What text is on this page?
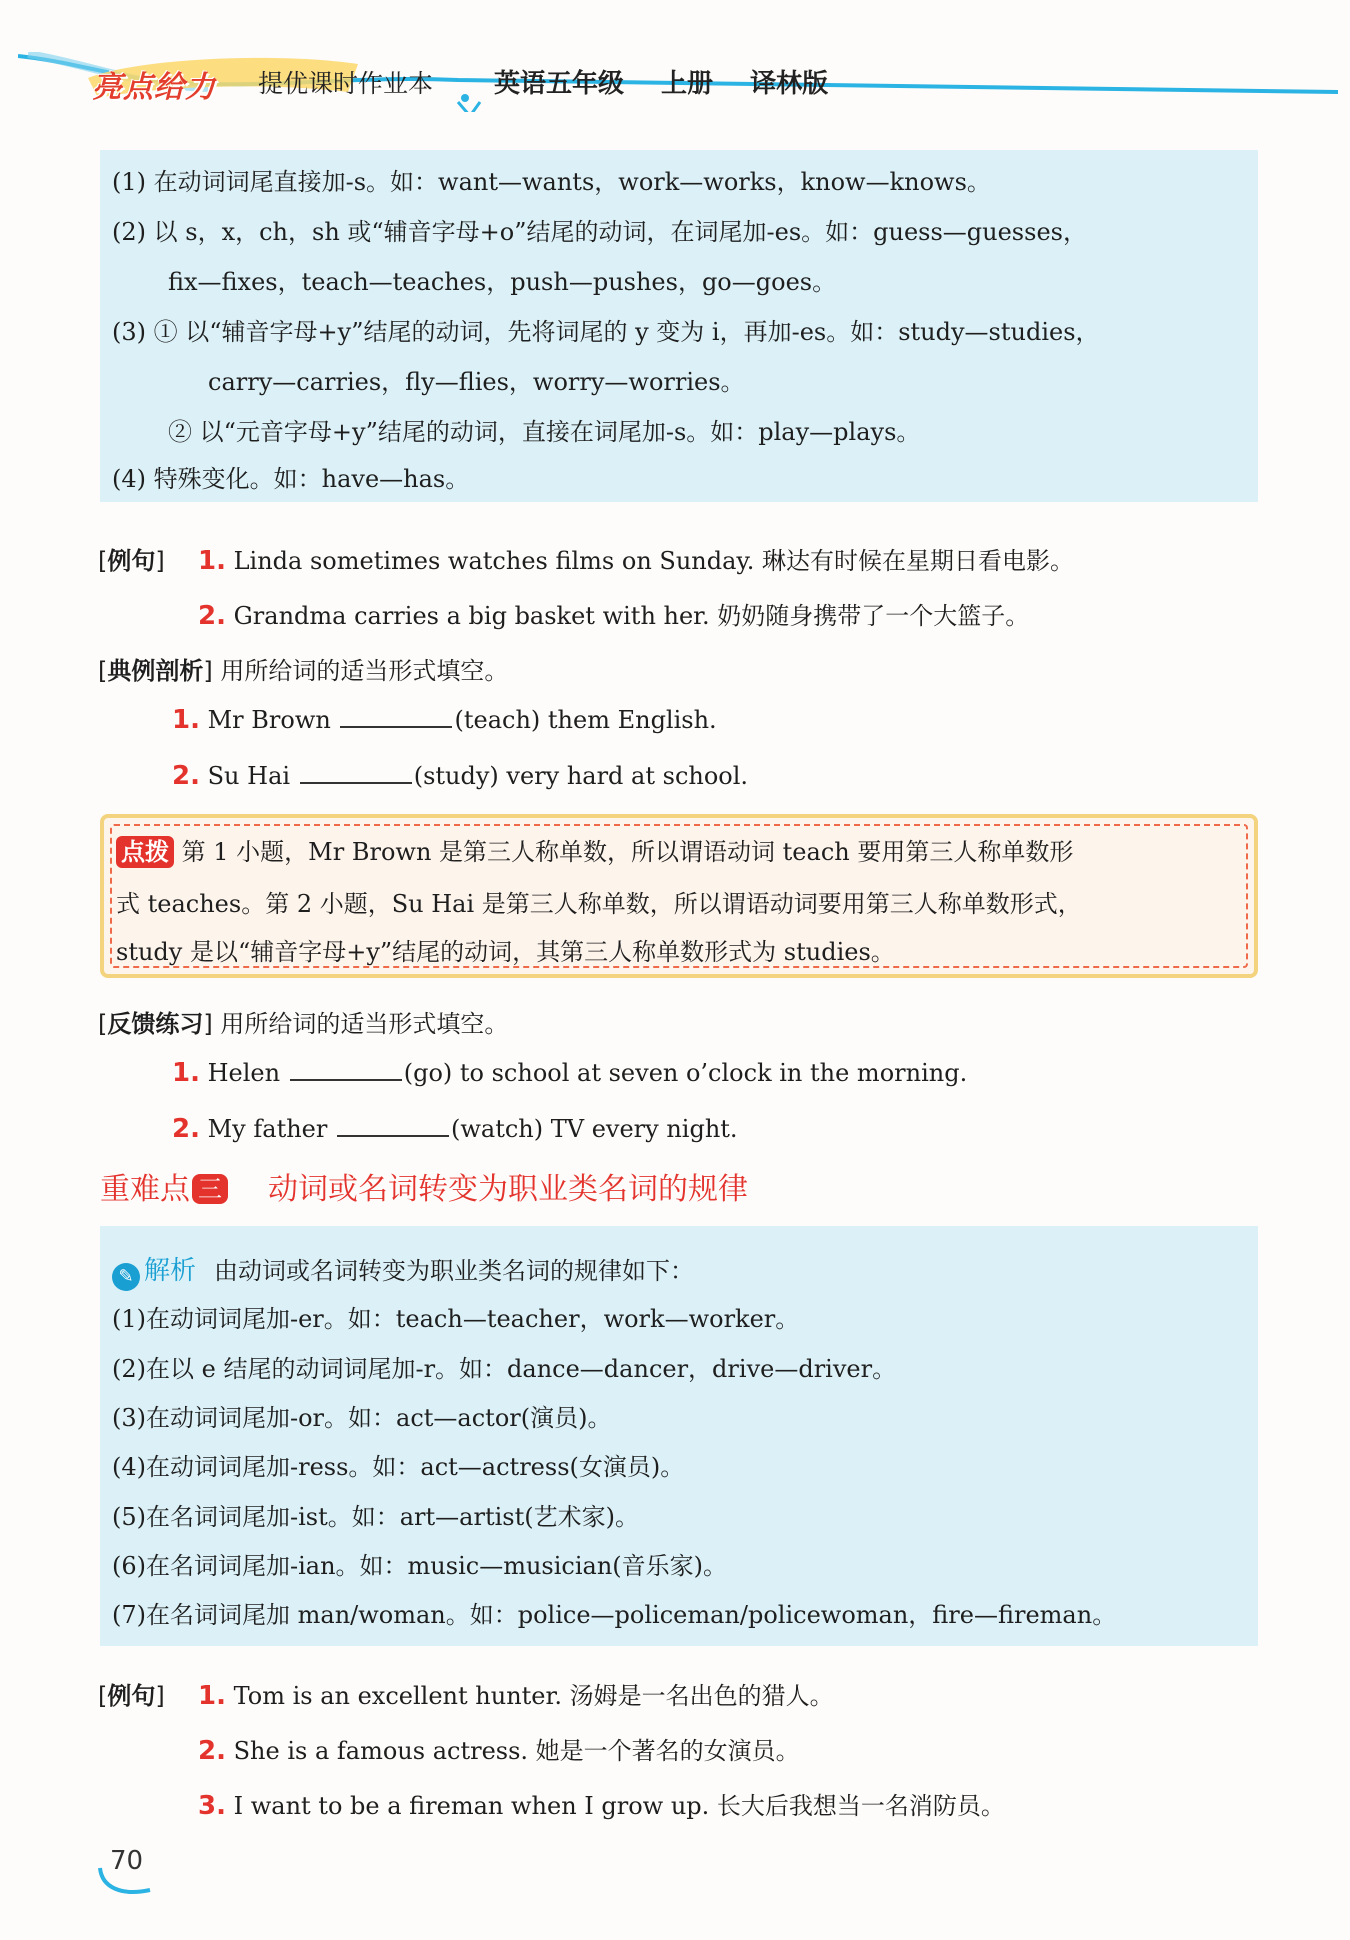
亮点给力 提优课时作业本 英语五年级 上册 译林版
(1) 在动词词尾直接加-s。如：want—wants，work—works，know—knows。
(2) 以 s，x，ch，sh 或“辅音字母+o”结尾的动词，在词尾加-es。如：guess—guesses，
fix—fixes，teach—teaches，push—pushes，go—goes。
(3) ① 以“辅音字母+y”结尾的动词，先将词尾的 y 变为 i，再加-es。如：study—studies，
carry—carries，fly—flies，worry—worries。
② 以“元音字母+y”结尾的动词，直接在词尾加-s。如：play—plays。
(4) 特殊变化。如：have—has。
[例句] 1. Linda sometimes watches films on Sunday. 琳达有时候在星期日看电影。
2. Grandma carries a big basket with her. 奶奶随身携带了一个大篮子。
[典例剖析] 用所给词的适当形式填空。
1. Mr Brown	(teach) them English.
2. Su Hai	(study) very hard at school.
点拨 第 1 小题，Mr Brown 是第三人称单数，所以谓语动词 teach 要用第三人称单数形
式 teaches。第 2 小题，Su Hai 是第三人称单数，所以谓语动词要用第三人称单数形式，
study 是以“辅音字母+y”结尾的动词，其第三人称单数形式为 studies。
[反馈练习] 用所给词的适当形式填空。
1. Helen	(go) to school at seven o’clock in the morning.
2. My father	(watch) TV every night.
重难点 三 动词或名词转变为职业类名词的规律
✎ 解析 由动词或名词转变为职业类名词的规律如下：
(1)在动词词尾加-er。如：teach—teacher，work—worker。
(2)在以 e 结尾的动词词尾加-r。如：dance—dancer，drive—driver。
(3)在动词词尾加-or。如：act—actor(演员)。
(4)在动词词尾加-ress。如：act—actress(女演员)。
(5)在名词词尾加-ist。如：art—artist(艺术家)。
(6)在名词词尾加-ian。如：music—musician(音乐家)。
(7)在名词词尾加 man/woman。如：police—policeman/policewoman，fire—fireman。
[例句] 1. Tom is an excellent hunter. 汤姆是一名出色的猎人。
2. She is a famous actress. 她是一个著名的女演员。
3. I want to be a fireman when I grow up. 长大后我想当一名消防员。
70
